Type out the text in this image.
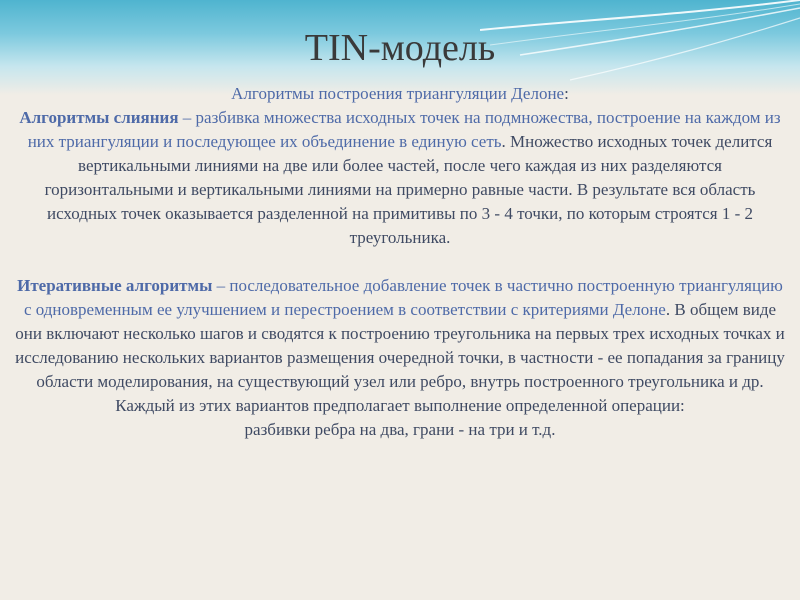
TIN-модель

Алгоритмы построения триангуляции Делоне:

Алгоритмы слияния – разбивка множества исходных точек на подмножества, построение на каждом из них триангуляции и последующее их объединение в единую сеть. Множество исходных точек делится вертикальными линиями на две или более частей, после чего каждая из них разделяются горизонтальными и вертикальными линиями на примерно равные части. В результате вся область исходных точек оказывается разделенной на примитивы по 3 - 4 точки, по которым строятся 1 - 2 треугольника.

Итеративные алгоритмы – последовательное добавление точек в частично построенную триангуляцию с одновременным ее улучшением и перестроением в соответствии с критериями Делоне. В общем виде они включают несколько шагов и сводятся к построению треугольника на первых трех исходных точках и исследованию нескольких вариантов размещения очередной точки, в частности - ее попадания за границу области моделирования, на существующий узел или ребро, внутрь построенного треугольника и др. Каждый из этих вариантов предполагает выполнение определенной операции:

разбивки ребра на два, грани - на три и т.д.
